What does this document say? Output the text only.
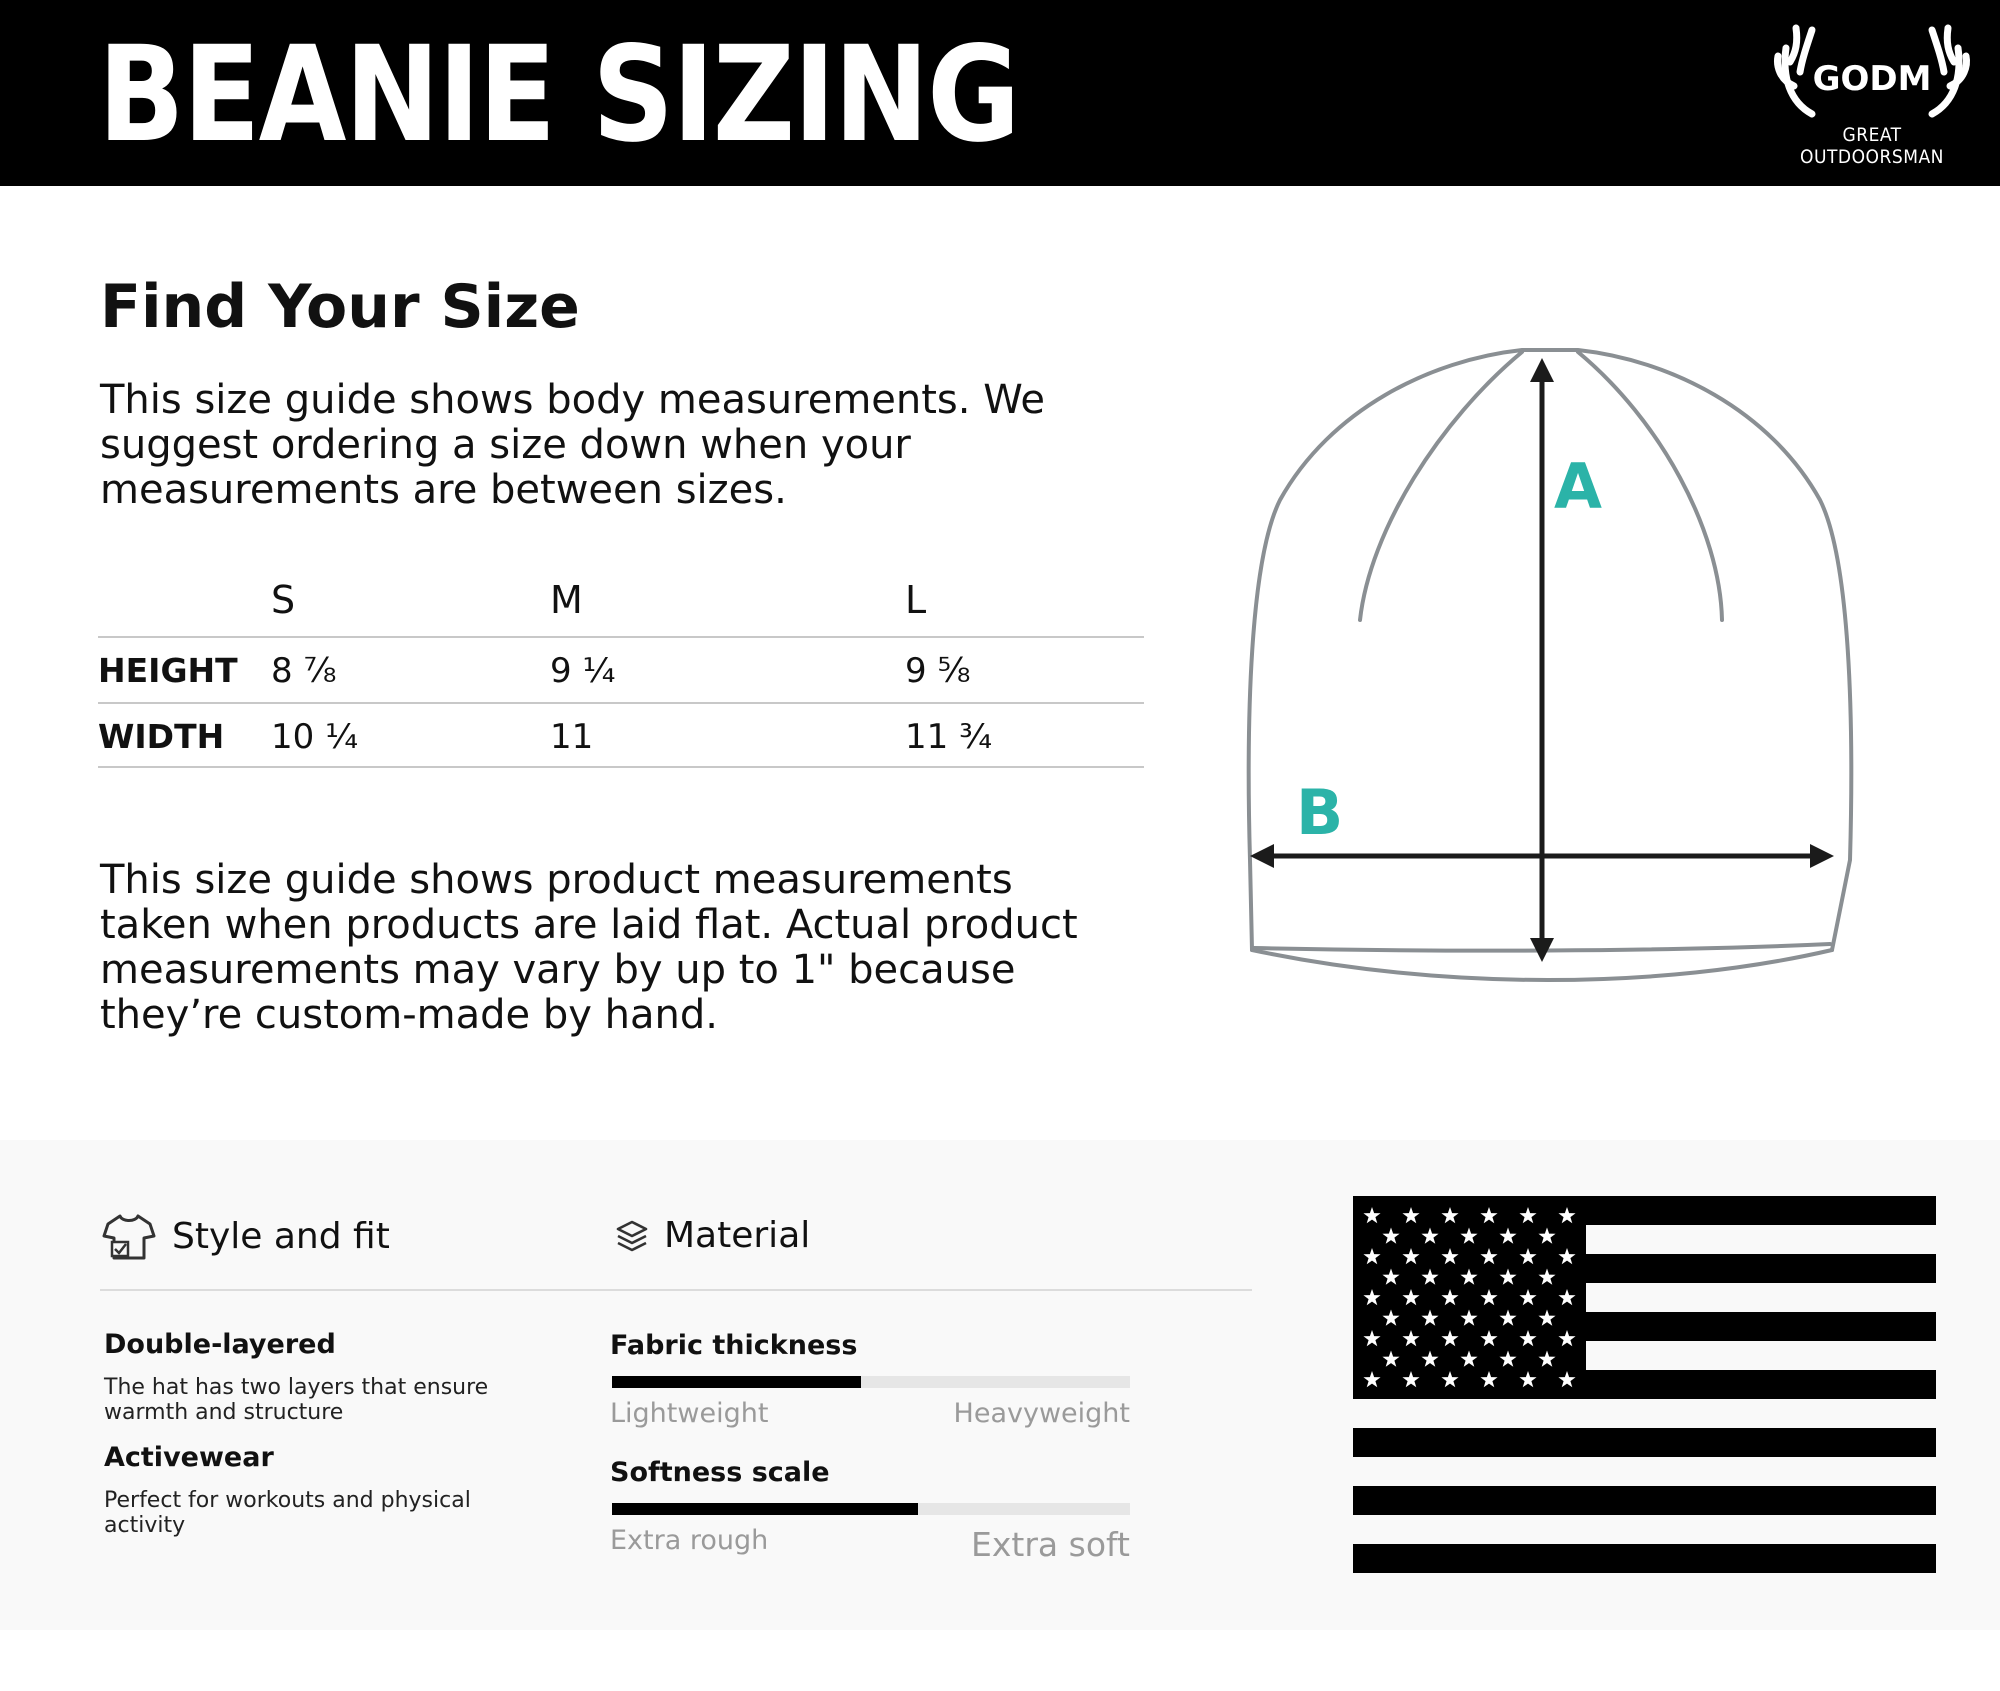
BEANIE SIZING	GODM
GREAT OUTDOORSMAN
Find Your Size
This size guide shows body measurements. We suggest ordering a size down when your measurements are between sizes.
S	M	L
HEIGHT 8 ⅞	9 ¼	9 ⅝
WIDTH 10 ¼	11	11 ¾
This size guide shows product measurements taken when products are laid flat. Actual product measurements may vary by up to 1" because they’re custom-made by hand.
A
B
Style and fit	Material
Double-layered
The hat has two layers that ensure warmth and structure
Activewear
Perfect for workouts and physical activity
Fabric thickness
Lightweight	Heavyweight
Softness scale
Extra rough	Extra soft
